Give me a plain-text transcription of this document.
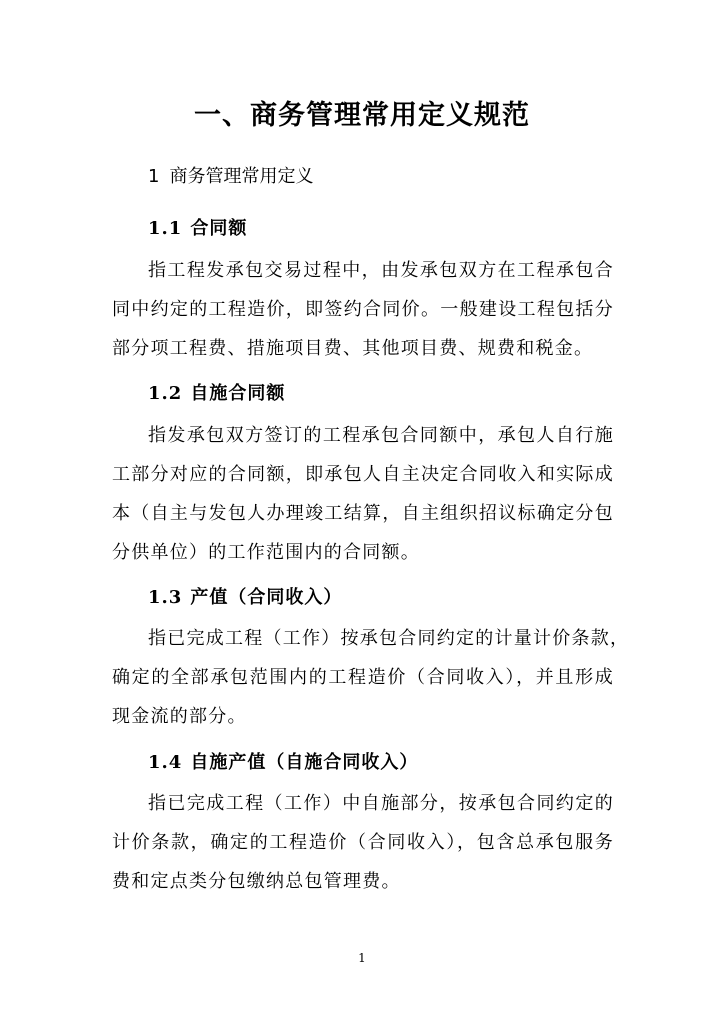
一、商务管理常用定义规范
1 商务管理常用定义
1.1 合同额
指工程发承包交易过程中，由发承包双方在工程承包合
同中约定的工程造价，即签约合同价。一般建设工程包括分
部分项工程费、措施项目费、其他项目费、规费和税金。
1.2 自施合同额
指发承包双方签订的工程承包合同额中，承包人自行施
工部分对应的合同额，即承包人自主决定合同收入和实际成
本（自主与发包人办理竣工结算，自主组织招议标确定分包
分供单位）的工作范围内的合同额。
1.3 产值（合同收入）
指已完成工程（工作）按承包合同约定的计量计价条款，
确定的全部承包范围内的工程造价（合同收入），并且形成
现金流的部分。
1.4 自施产值（自施合同收入）
指已完成工程（工作）中自施部分，按承包合同约定的
计价条款，确定的工程造价（合同收入），包含总承包服务
费和定点类分包缴纳总包管理费。
1
